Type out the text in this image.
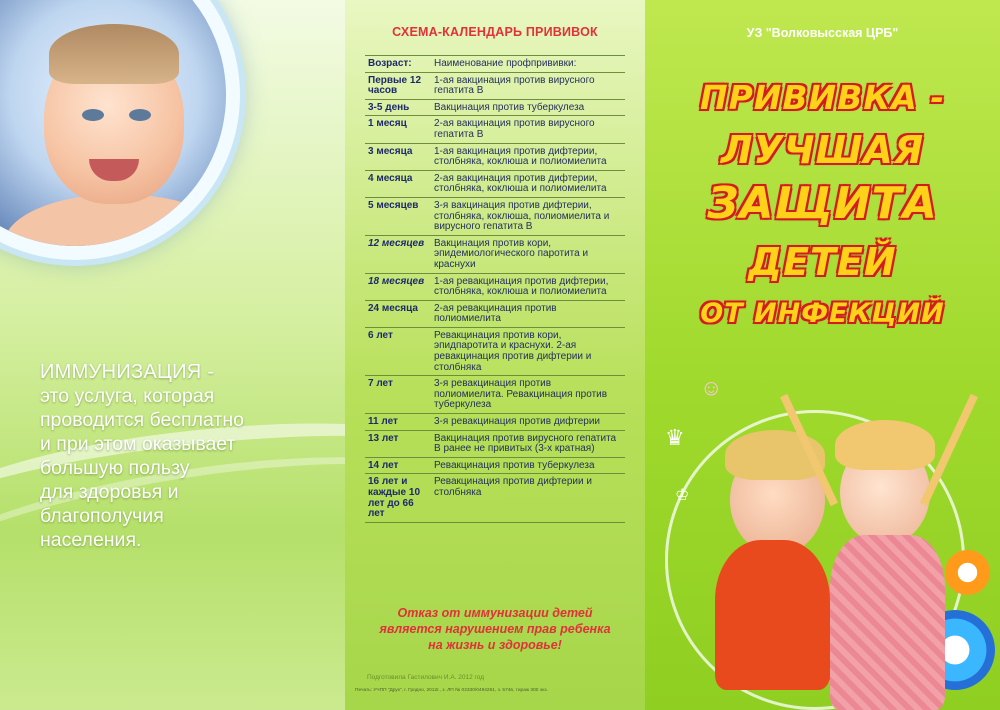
ИММУНИЗАЦИЯ -
это услуга, которая
проводится бесплатно
и при этом оказывает
большую пользу
для здоровья и
благополучия
населения.
СХЕМА-КАЛЕНДАРЬ ПРИВИВОК
Возраст:	Наименование профпрививки:
Первые 12 часов	1-ая вакцинация против вирусного гепатита В
3-5 день	Вакцинация против туберкулеза
1 месяц	2-ая вакцинация против вирусного гепатита В
3 месяца	1-ая вакцинация против дифтерии, столбняка, коклюша и полиомиелита
4 месяца	2-ая вакцинация против дифтерии, столбняка, коклюша и полиомиелита
5 месяцев	3-я вакцинация против дифтерии, столбняка, коклюша, полиомиелита и вирусного гепатита В
12 месяцев	Вакцинация против кори, эпидемиологического паротита и краснухи
18 месяцев	1-ая ревакцинация против дифтерии, столбняка, коклюша и полиомиелита
24 месяца	2-ая ревакцинация против полиомиелита
6 лет	Ревакцинация против кори, эпидпаротита и краснухи. 2-ая ревакцинация против дифтерии и столбняка
7 лет	3-я ревакцинация против полиомиелита. Ревакцинация против туберкулеза
11 лет	3-я ревакцинация против дифтерии
13 лет	Вакцинация против вирусного гепатита В ранее не привитых (3-х кратная)
14 лет	Ревакцинация против туберкулеза
16 лет и каждые 10 лет до 66 лет	Ревакцинация против дифтерии и столбняка
Отказ от иммунизации детей
является нарушением прав ребенка
на жизнь и здоровье!
Подготовила Гастилович И.А. 2012 год
Печать: УЧПП "Друк", г. Гродно, 2012г., з. ЛП № 02330/0494261, з. 574в, тираж 300 экз.
УЗ "Волковысская ЦРБ"
ПРИВИВКА -
ЛУЧШАЯ
ЗАЩИТА
ДЕТЕЙ
ОТ ИНФЕКЦИЙ
♛
☺
♔
